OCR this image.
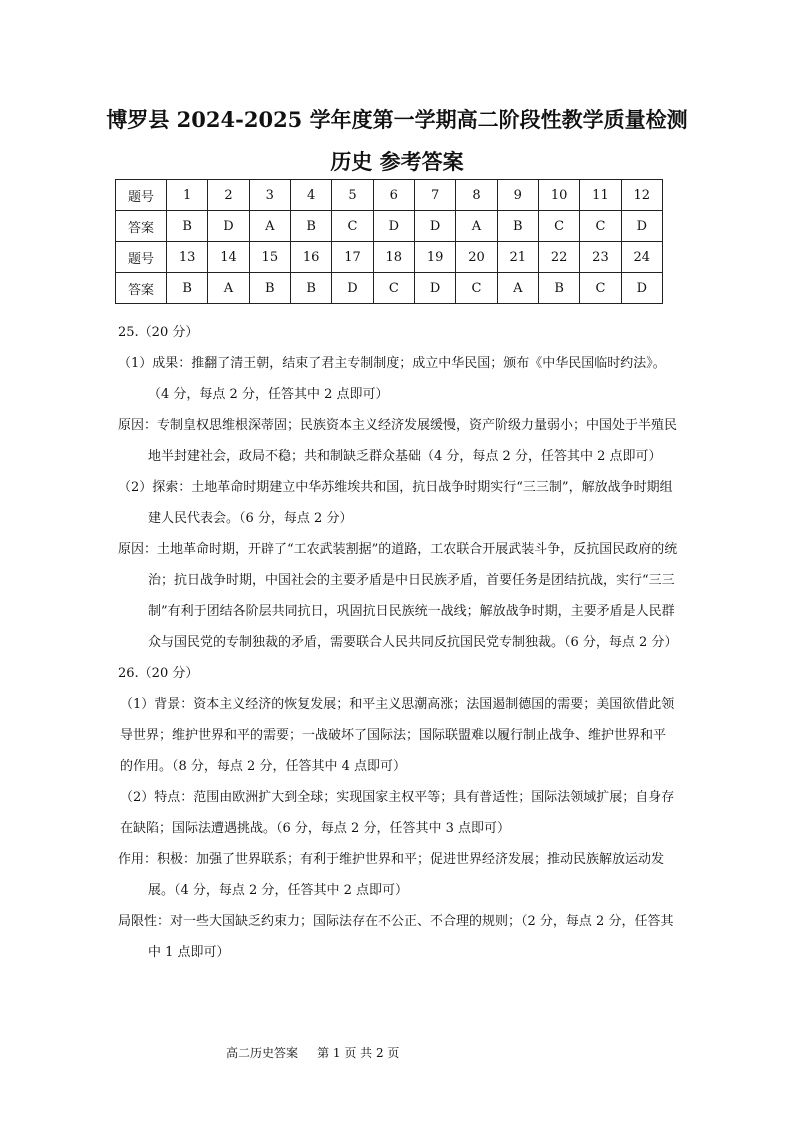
博罗县 2024-2025 学年度第一学期高二阶段性教学质量检测
历史 参考答案
题号	1	2	3	4	5	6	7	8	9	10	11	12
答案	B	D	A	B	C	D	D	A	B	C	C	D
题号	13	14	15	16	17	18	19	20	21	22	23	24
答案	B	A	B	B	D	C	D	C	A	B	C	D

25.（20 分）

（1）成果：推翻了清王朝，结束了君主专制制度；成立中华民国；颁布《中华民国临时约法》。（4 分，每点 2 分，任答其中 2 点即可）

原因：专制皇权思维根深蒂固；民族资本主义经济发展缓慢，资产阶级力量弱小；中国处于半殖民地半封建社会，政局不稳；共和制缺乏群众基础（4 分，每点 2 分，任答其中 2 点即可）

（2）探索：土地革命时期建立中华苏维埃共和国，抗日战争时期实行“三三制”，解放战争时期组建人民代表会。（6 分，每点 2 分）

原因：土地革命时期，开辟了“工农武装割据”的道路，工农联合开展武装斗争，反抗国民政府的统治；抗日战争时期，中国社会的主要矛盾是中日民族矛盾，首要任务是团结抗战，实行“三三制”有利于团结各阶层共同抗日，巩固抗日民族统一战线；解放战争时期，主要矛盾是人民群众与国民党的专制独裁的矛盾，需要联合人民共同反抗国民党专制独裁。（6 分，每点 2 分）

26.（20 分）

（1）背景：资本主义经济的恢复发展；和平主义思潮高涨；法国遏制德国的需要；美国欲借此领导世界；维护世界和平的需要；一战破坏了国际法；国际联盟难以履行制止战争、维护世界和平的作用。（8 分，每点 2 分，任答其中 4 点即可）

（2）特点：范围由欧洲扩大到全球；实现国家主权平等；具有普适性；国际法领域扩展；自身存在缺陷；国际法遭遇挑战。（6 分，每点 2 分，任答其中 3 点即可）

作用：积极：加强了世界联系；有利于维护世界和平；促进世界经济发展；推动民族解放运动发展。（4 分，每点 2 分，任答其中 2 点即可）

局限性：对一些大国缺乏约束力；国际法存在不公正、不合理的规则；（2 分，每点 2 分，任答其中 1 点即可）

高二历史答案     第 1 页 共 2 页
